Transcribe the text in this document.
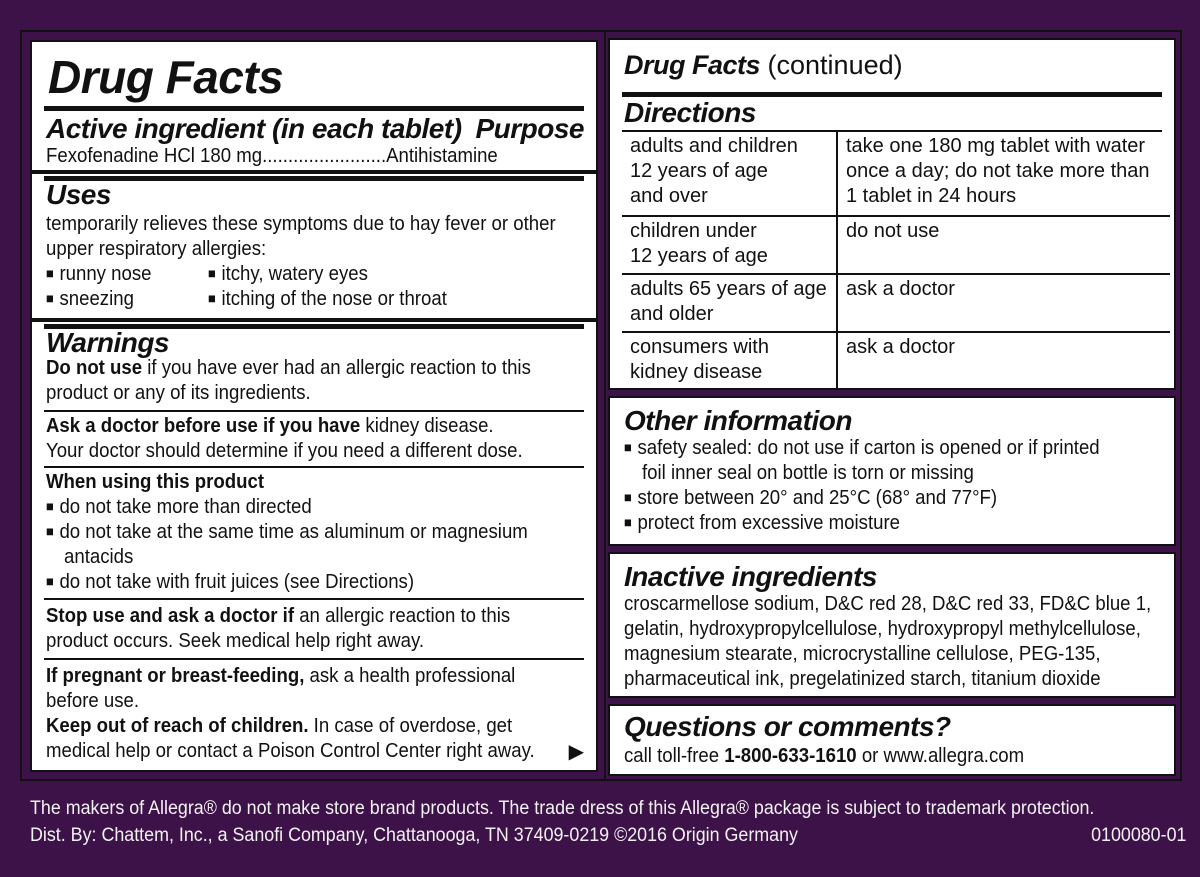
Drug Facts
Active ingredient (in each tablet) Purpose
Fexofenadine HCl 180 mg........................Antihistamine
Uses
temporarily relieves these symptoms due to hay fever or other
upper respiratory allergies:
■ runny nose	■ itchy, watery eyes
■ sneezing	■ itching of the nose or throat
Warnings
Do not use if you have ever had an allergic reaction to this
product or any of its ingredients.
Ask a doctor before use if you have kidney disease.
Your doctor should determine if you need a different dose.
When using this product
■ do not take more than directed
■ do not take at the same time as aluminum or magnesium
antacids
■ do not take with fruit juices (see Directions)
Stop use and ask a doctor if an allergic reaction to this
product occurs. Seek medical help right away.
If pregnant or breast-feeding, ask a health professional
before use.
Keep out of reach of children. In case of overdose, get
medical help or contact a Poison Control Center right away. ▶
Drug Facts (continued)
Directions
adults and children
12 years of age
and over	take one 180 mg tablet with water
once a day; do not take more than
1 tablet in 24 hours
children under
12 years of age	do not use
adults 65 years of age
and older	ask a doctor
consumers with
kidney disease	ask a doctor
Other information
■ safety sealed: do not use if carton is opened or if printed
foil inner seal on bottle is torn or missing
■ store between 20° and 25°C (68° and 77°F)
■ protect from excessive moisture
Inactive ingredients
croscarmellose sodium, D&C red 28, D&C red 33, FD&C blue 1,
gelatin, hydroxypropylcellulose, hydroxypropyl methylcellulose,
magnesium stearate, microcrystalline cellulose, PEG-135,
pharmaceutical ink, pregelatinized starch, titanium dioxide
Questions or comments?
call toll-free 1-800-633-1610 or www.allegra.com
The makers of Allegra® do not make store brand products. The trade dress of this Allegra® package is subject to trademark protection.
Dist. By: Chattem, Inc., a Sanofi Company, Chattanooga, TN 37409-0219 ©2016 Origin Germany	0100080-01
